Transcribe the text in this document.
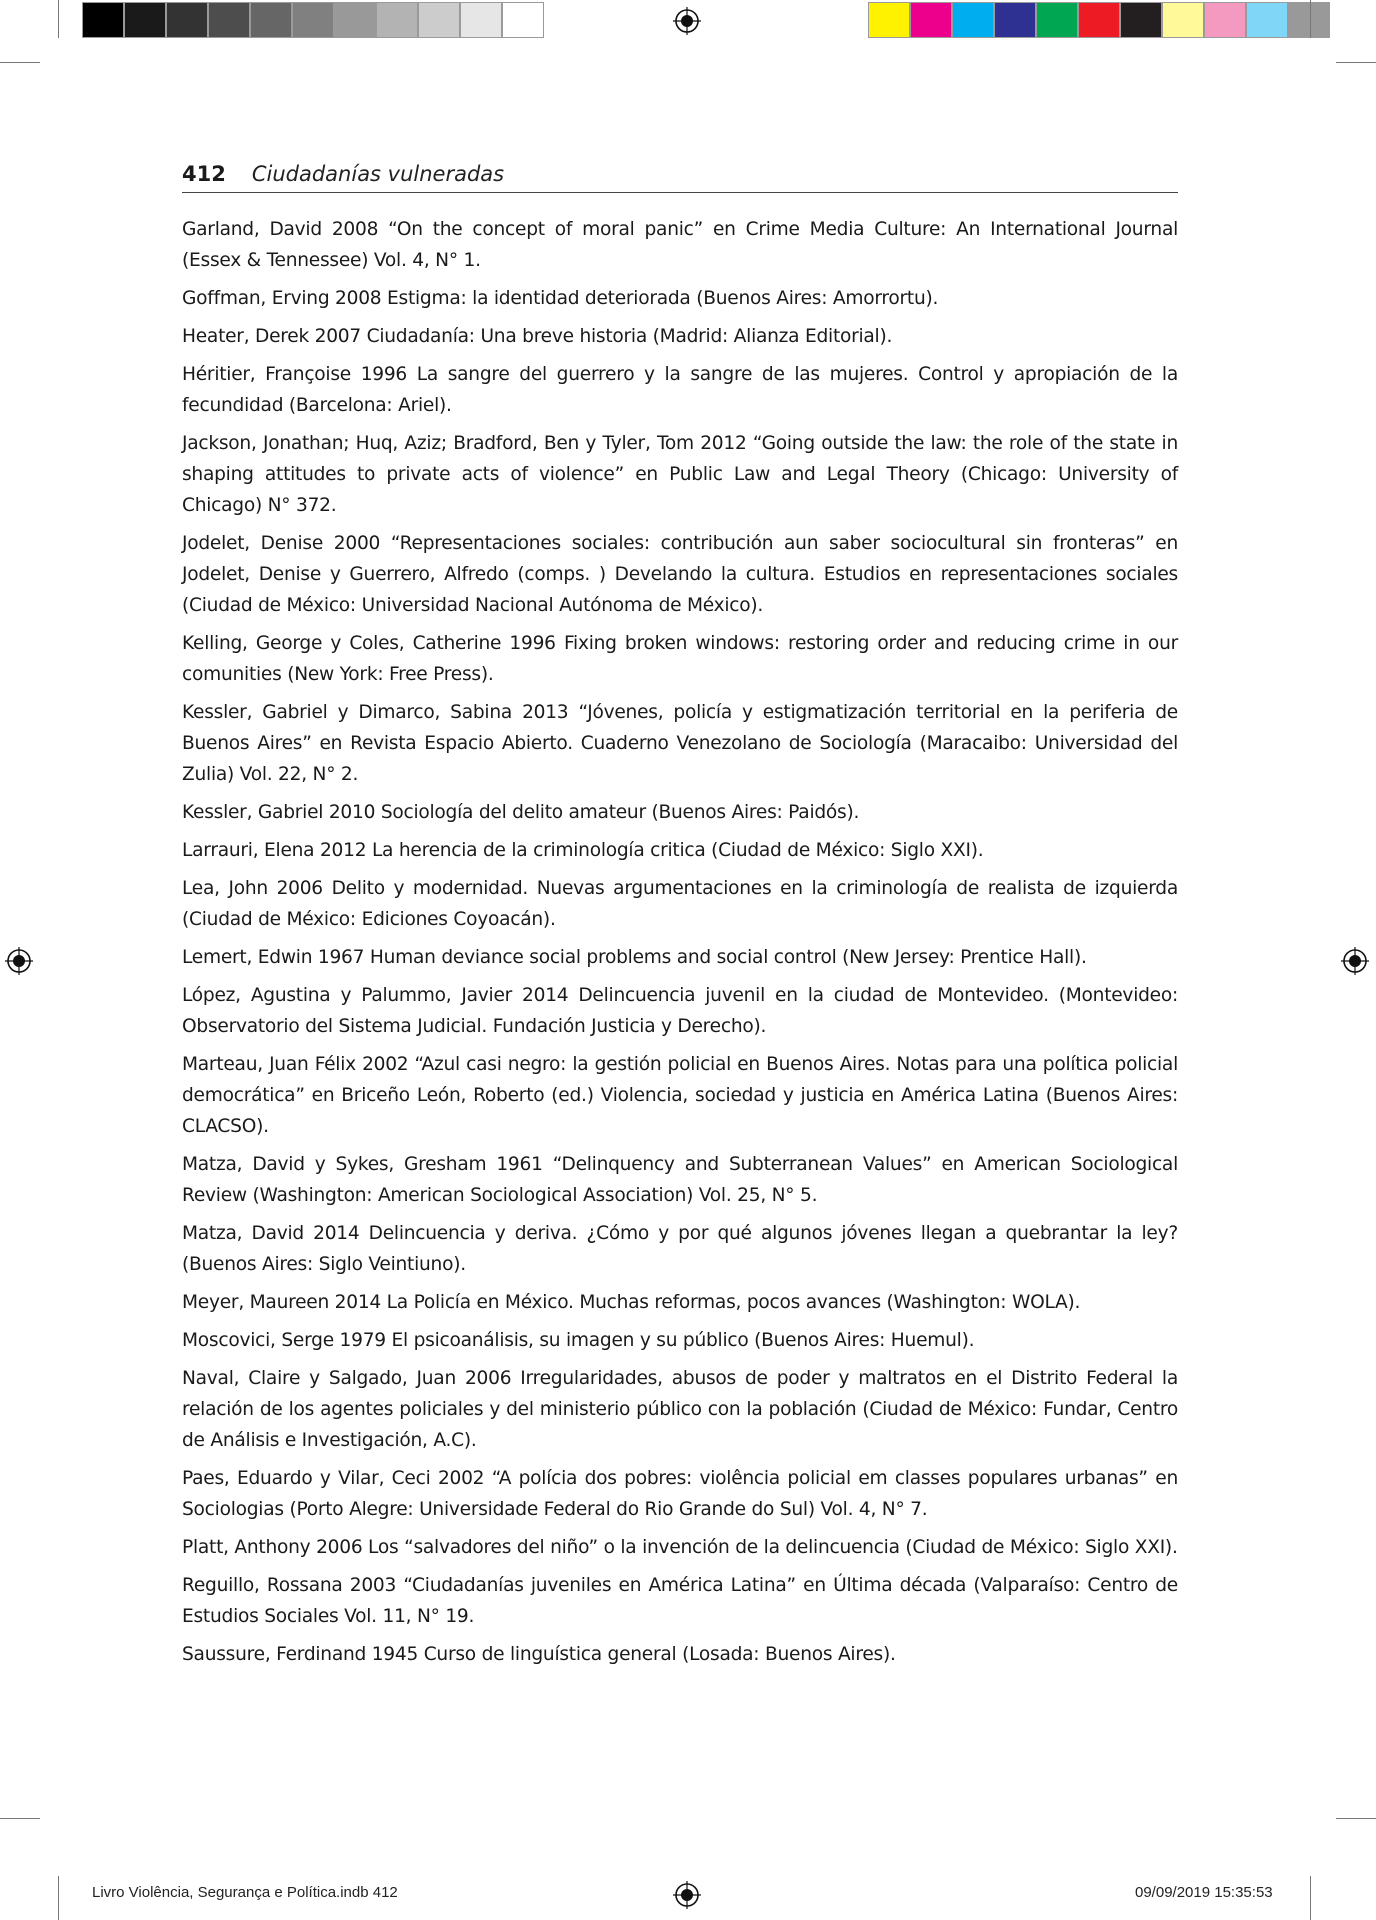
412 Ciudadanías vulneradas

Garland, David 2008 “On the concept of moral panic” en Crime Media Culture: An International Journal (Essex & Tennessee) Vol. 4, N° 1.

Goffman, Erving 2008 Estigma: la identidad deteriorada (Buenos Aires: Amorrortu).

Heater, Derek 2007 Ciudadanía: Una breve historia (Madrid: Alianza Editorial).

Héritier, Françoise 1996 La sangre del guerrero y la sangre de las mujeres. Control y apropiación de la fecundidad (Barcelona: Ariel).

Jackson, Jonathan; Huq, Aziz; Bradford, Ben y Tyler, Tom 2012 “Going outside the law: the role of the state in shaping attitudes to private acts of violence” en Public Law and Legal Theory (Chicago: University of Chicago) N° 372.

Jodelet, Denise 2000 “Representaciones sociales: contribución aun saber sociocultural sin fronteras” en Jodelet, Denise y Guerrero, Alfredo (comps. ) Develando la cultura. Estudios en representaciones sociales (Ciudad de México: Universidad Nacional Autónoma de México).

Kelling, George y Coles, Catherine 1996 Fixing broken windows: restoring order and reducing crime in our comunities (New York: Free Press).

Kessler, Gabriel y Dimarco, Sabina 2013 “Jóvenes, policía y estigmatización territorial en la periferia de Buenos Aires” en Revista Espacio Abierto. Cuaderno Venezolano de Sociología (Maracaibo: Universidad del Zulia) Vol. 22, N° 2.

Kessler, Gabriel 2010 Sociología del delito amateur (Buenos Aires: Paidós).

Larrauri, Elena 2012 La herencia de la criminología critica (Ciudad de México: Siglo XXI).

Lea, John 2006 Delito y modernidad. Nuevas argumentaciones en la criminología de realista de izquierda (Ciudad de México: Ediciones Coyoacán).

Lemert, Edwin 1967 Human deviance social problems and social control (New Jersey: Prentice Hall).

López, Agustina y Palummo, Javier 2014 Delincuencia juvenil en la ciudad de Montevideo. (Montevideo: Observatorio del Sistema Judicial. Fundación Justicia y Derecho).

Marteau, Juan Félix 2002 “Azul casi negro: la gestión policial en Buenos Aires. Notas para una política policial democrática” en Briceño León, Roberto (ed.) Violencia, sociedad y justicia en América Latina (Buenos Aires: CLACSO).

Matza, David y Sykes, Gresham 1961 “Delinquency and Subterranean Values” en American Sociological Review (Washington: American Sociological Association) Vol. 25, N° 5.

Matza, David 2014 Delincuencia y deriva. ¿Cómo y por qué algunos jóvenes llegan a quebrantar la ley? (Buenos Aires: Siglo Veintiuno).

Meyer, Maureen 2014 La Policía en México. Muchas reformas, pocos avances (Washington: WOLA).

Moscovici, Serge 1979 El psicoanálisis, su imagen y su público (Buenos Aires: Huemul).

Naval, Claire y Salgado, Juan 2006 Irregularidades, abusos de poder y maltratos en el Distrito Federal la relación de los agentes policiales y del ministerio público con la población (Ciudad de México: Fundar, Centro de Análisis e Investigación, A.C).

Paes, Eduardo y Vilar, Ceci 2002 “A polícia dos pobres: violência policial em classes populares urbanas” en Sociologias (Porto Alegre: Universidade Federal do Rio Grande do Sul) Vol. 4, N° 7.

Platt, Anthony 2006 Los “salvadores del niño” o la invención de la delincuencia (Ciudad de México: Siglo XXI).

Reguillo, Rossana 2003 “Ciudadanías juveniles en América Latina” en Última década (Valparaíso: Centro de Estudios Sociales Vol. 11, N° 19.

Saussure, Ferdinand 1945 Curso de linguística general (Losada: Buenos Aires).

Livro Violência, Segurança e Política.indb 412	09/09/2019 15:35:53
